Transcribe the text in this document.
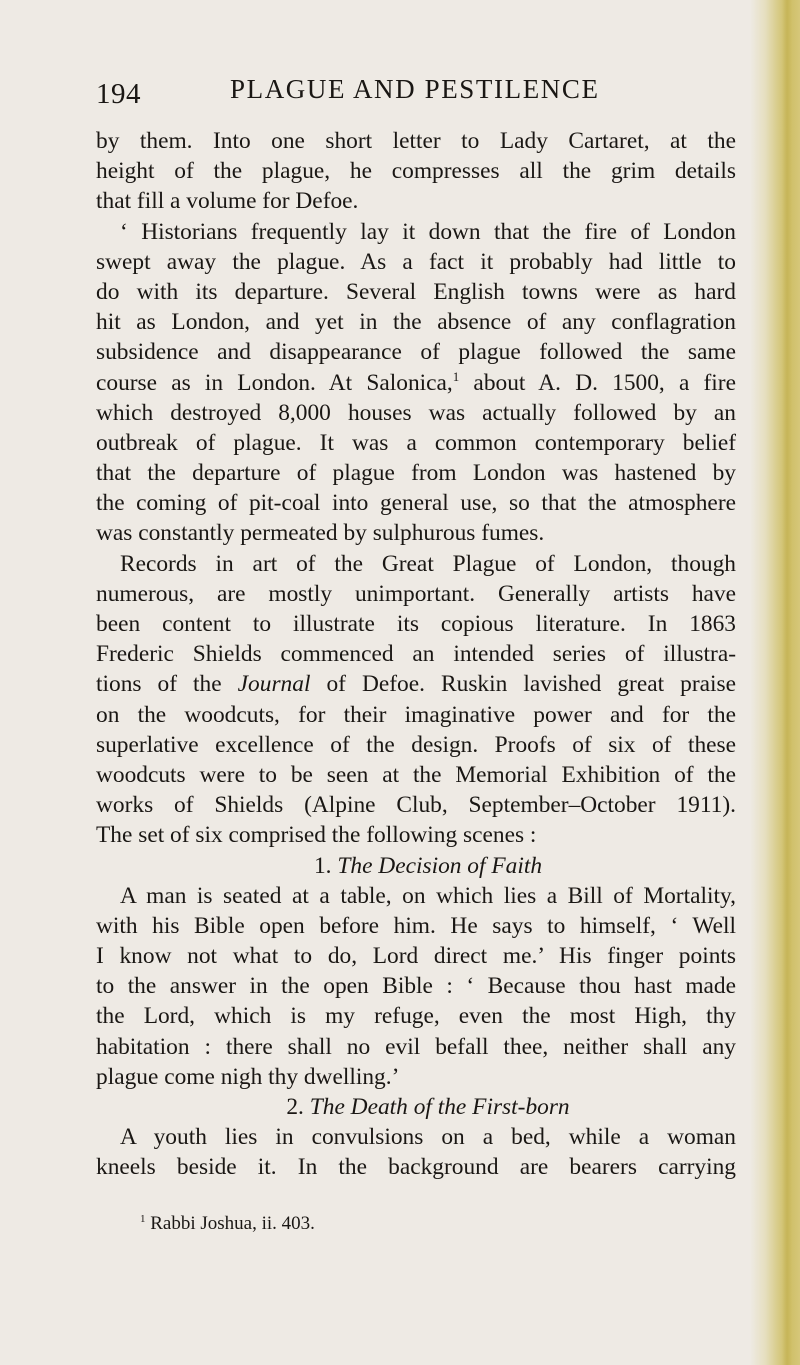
194	PLAGUE AND PESTILENCE
by them. Into one short letter to Lady Cartaret, at the
height of the plague, he compresses all the grim details
that fill a volume for Defoe.
‘ Historians frequently lay it down that the fire of London
swept away the plague. As a fact it probably had little to
do with its departure. Several English towns were as hard
hit as London, and yet in the absence of any conflagration
subsidence and disappearance of plague followed the same
course as in London. At Salonica,$^1$ about A. D. 1500, a fire
which destroyed 8,000 houses was actually followed by an
outbreak of plague. It was a common contemporary belief
that the departure of plague from London was hastened by
the coming of pit-coal into general use, so that the atmosphere
was constantly permeated by sulphurous fumes.
Records in art of the Great Plague of London, though
numerous, are mostly unimportant. Generally artists have
been content to illustrate its copious literature. In 1863
Frederic Shields commenced an intended series of illustra-
tions of the Journal of Defoe. Ruskin lavished great praise
on the woodcuts, for their imaginative power and for the
superlative excellence of the design. Proofs of six of these
woodcuts were to be seen at the Memorial Exhibition of the
works of Shields (Alpine Club, September–October 1911).
The set of six comprised the following scenes :
1. The Decision of Faith
A man is seated at a table, on which lies a Bill of Mortality,
with his Bible open before him. He says to himself, ‘ Well
I know not what to do, Lord direct me.’ His finger points
to the answer in the open Bible : ‘ Because thou hast made
the Lord, which is my refuge, even the most High, thy
habitation : there shall no evil befall thee, neither shall any
plague come nigh thy dwelling.’
2. The Death of the First-born
A youth lies in convulsions on a bed, while a woman
kneels beside it. In the background are bearers carrying
$^1$ Rabbi Joshua, ii. 403.
